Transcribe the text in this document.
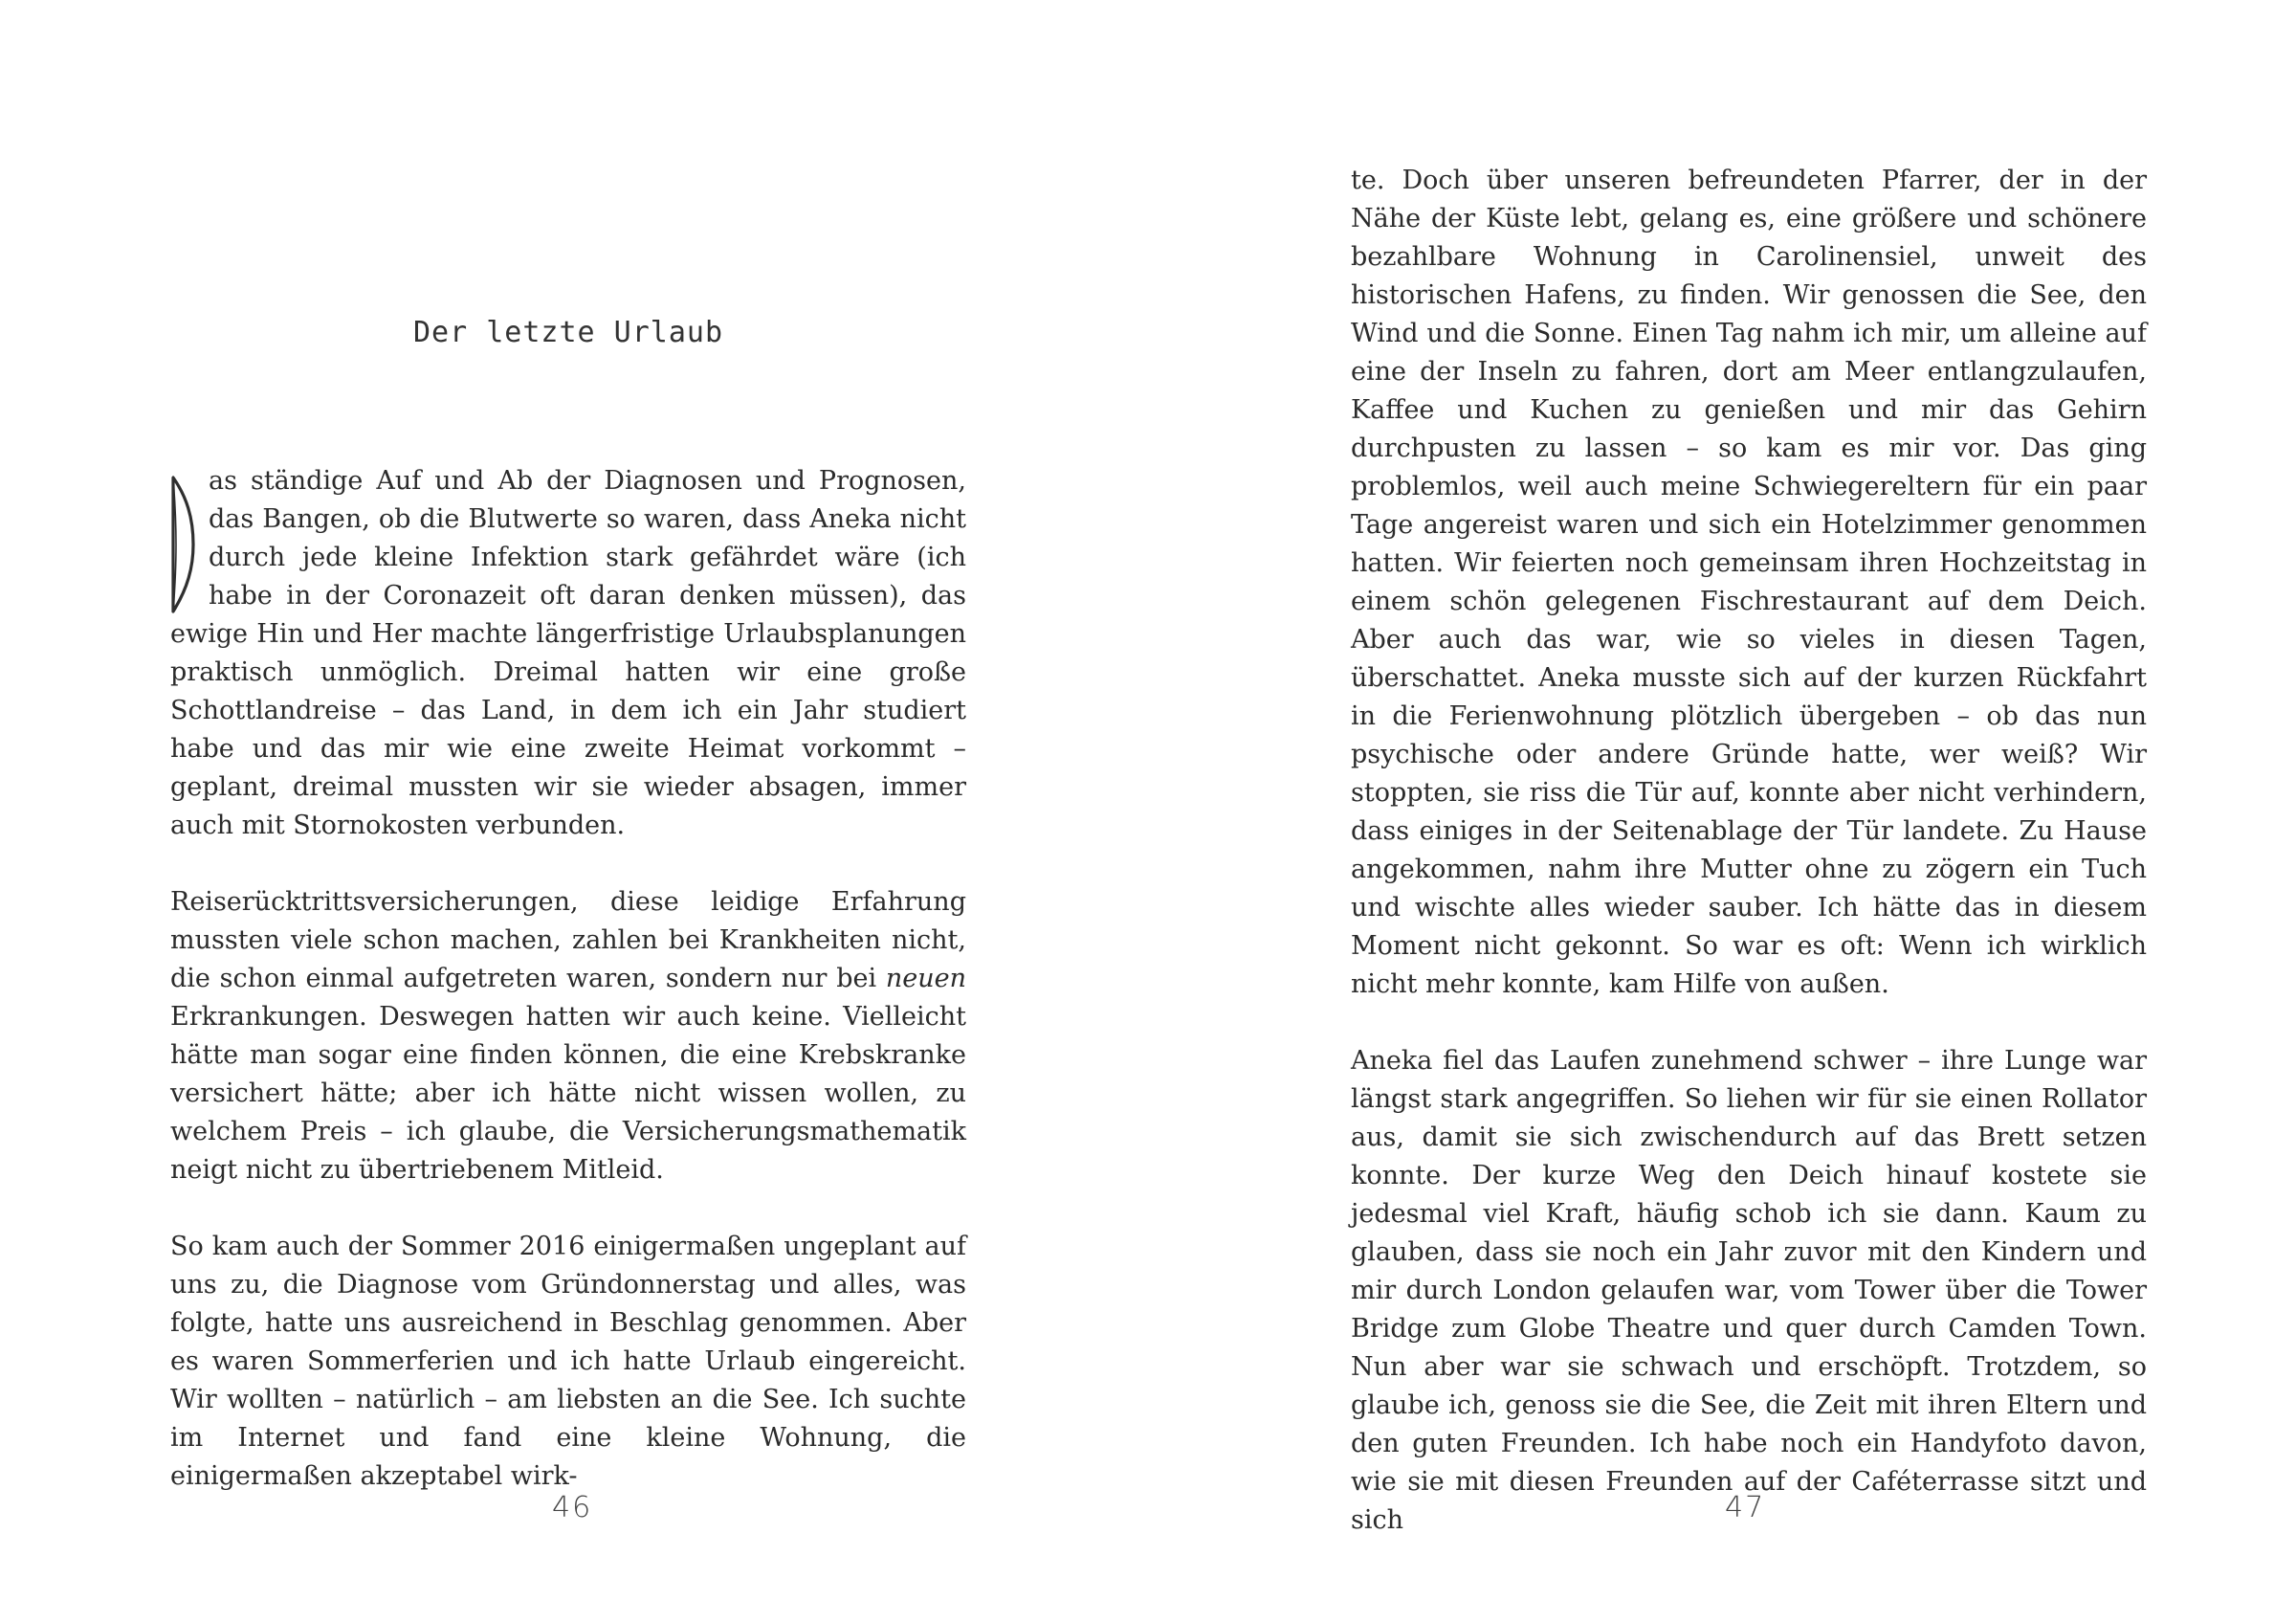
Der letzte Urlaub

as ständige Auf und Ab der Diagnosen und Prognosen, das Bangen, ob die Blutwerte so waren, dass Aneka nicht durch jede kleine Infektion stark gefährdet wäre (ich habe in der Coronazeit oft daran denken müssen), das ewige Hin und Her machte längerfristige Urlaubsplanungen praktisch unmöglich. Dreimal hatten wir eine große Schottlandreise – das Land, in dem ich ein Jahr studiert habe und das mir wie eine zweite Heimat vorkommt – geplant, dreimal mussten wir sie wieder absagen, immer auch mit Stornokosten verbunden.

Reiserücktrittsversicherungen, diese leidige Erfahrung mussten viele schon machen, zahlen bei Krankheiten nicht, die schon einmal aufgetreten waren, sondern nur bei neuen Erkrankungen. Deswegen hatten wir auch keine. Vielleicht hätte man sogar eine finden können, die eine Krebskranke versichert hätte; aber ich hätte nicht wissen wollen, zu welchem Preis – ich glaube, die Versicherungsmathematik neigt nicht zu übertriebenem Mitleid.

So kam auch der Sommer 2016 einigermaßen ungeplant auf uns zu, die Diagnose vom Gründonnerstag und alles, was folgte, hatte uns ausreichend in Beschlag genommen. Aber es waren Sommerferien und ich hatte Urlaub eingereicht. Wir wollten – natürlich – am liebsten an die See. Ich suchte im Internet und fand eine kleine Wohnung, die einigermaßen akzeptabel wirk-

46

te. Doch über unseren befreundeten Pfarrer, der in der Nähe der Küste lebt, gelang es, eine größere und schönere bezahlbare Wohnung in Carolinensiel, unweit des historischen Hafens, zu finden. Wir genossen die See, den Wind und die Sonne. Einen Tag nahm ich mir, um alleine auf eine der Inseln zu fahren, dort am Meer entlangzulaufen, Kaffee und Kuchen zu genießen und mir das Gehirn durchpusten zu lassen – so kam es mir vor. Das ging problemlos, weil auch meine Schwiegereltern für ein paar Tage angereist waren und sich ein Hotelzimmer genommen hatten. Wir feierten noch gemeinsam ihren Hochzeitstag in einem schön gelegenen Fischrestaurant auf dem Deich. Aber auch das war, wie so vieles in diesen Tagen, überschattet. Aneka musste sich auf der kurzen Rückfahrt in die Ferienwohnung plötzlich übergeben – ob das nun psychische oder andere Gründe hatte, wer weiß? Wir stoppten, sie riss die Tür auf, konnte aber nicht verhindern, dass einiges in der Seitenablage der Tür landete. Zu Hause angekommen, nahm ihre Mutter ohne zu zögern ein Tuch und wischte alles wieder sauber. Ich hätte das in diesem Moment nicht gekonnt. So war es oft: Wenn ich wirklich nicht mehr konnte, kam Hilfe von außen.

Aneka fiel das Laufen zunehmend schwer – ihre Lunge war längst stark angegriffen. So liehen wir für sie einen Rollator aus, damit sie sich zwischendurch auf das Brett setzen konnte. Der kurze Weg den Deich hinauf kostete sie jedesmal viel Kraft, häufig schob ich sie dann. Kaum zu glauben, dass sie noch ein Jahr zuvor mit den Kindern und mir durch London gelaufen war, vom Tower über die Tower Bridge zum Globe Theatre und quer durch Camden Town. Nun aber war sie schwach und erschöpft. Trotzdem, so glaube ich, genoss sie die See, die Zeit mit ihren Eltern und den guten Freunden. Ich habe noch ein Handyfoto davon, wie sie mit diesen Freunden auf der Caféterrasse sitzt und sich	47
